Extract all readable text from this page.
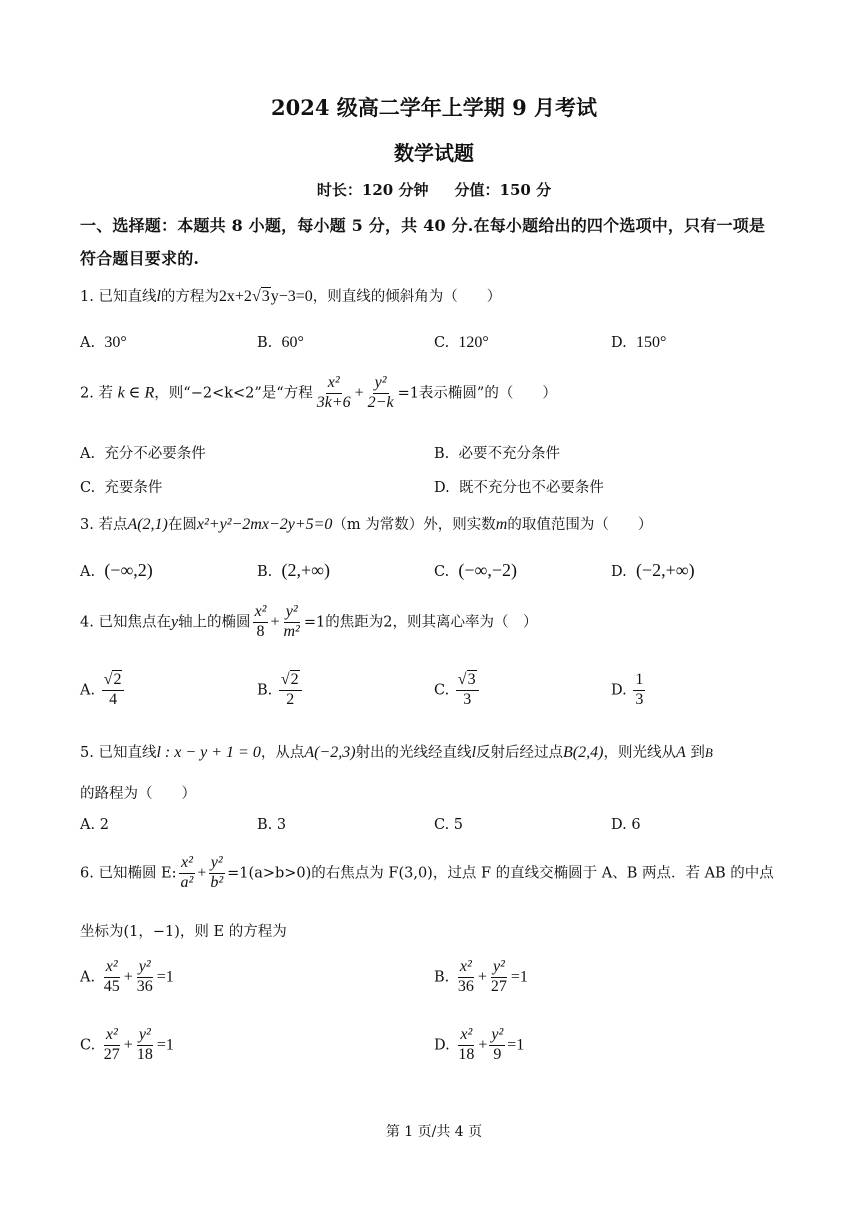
2024 级高二学年上学期 9 月考试
数学试题
时长：120 分钟     分值：150 分
一、选择题：本题共 8 小题，每小题 5 分，共 40 分.在每小题给出的四个选项中，只有一项是
符合题目要求的.
1. 已知直线l的方程为2x+2√3y−3=0，则直线的倾斜角为（　　）
A. 30°	B. 60°	C. 120°	D. 150°
2. 若 k ∈ R，则“−2<k<2”是“方程 $\frac{\text{x²}}{3k+6} + \frac{\text{y²}}{2-k} =1$表示椭圆”的（　　）
A. 充分不必要条件	B. 必要不充分条件
C. 充要条件	D. 既不充分也不必要条件
3. 若点A(2,1)在圆x²+y²−2mx−2y+5=0（m 为常数）外，则实数m的取值范围为（　　）
A. (−∞,2)	B. (2,+∞)	C. (−∞,−2)	D. (−2,+∞)
4. 已知焦点在y轴上的椭圆 $\frac{\text{x²}}{8} + \frac{\text{y²}}{\text{m²}} =1$的焦距为2，则其离心率为（　）
A. $\frac{√2}{4}$	B. $\frac{√2}{2}$	C. $\frac{√3}{3}$	D. $\frac{1}{3}$
5. 已知直线l : x − y + 1 = 0，从点A(−2,3)射出的光线经直线l反射后经过点B(2,4)，则光线从A 到B
的路程为（　　）
A. 2	B. 3	C. 5	D. 6
6. 已知椭圆 E: $\frac{\text{x²}}{\text{a²}} + \frac{\text{y²}}{\text{b²}} =1(a>b>0)$的右焦点为 F(3,0)，过点 F 的直线交椭圆于 A、B 两点．若 AB 的中点
坐标为(1，−1)，则 E 的方程为
A. $\frac{\text{x²}}{45} + \frac{\text{y²}}{36} =1$	B. $\frac{\text{x²}}{36} + \frac{\text{y²}}{27} =1$
C. $\frac{\text{x²}}{27} + \frac{\text{y²}}{18} =1$	D. $\frac{\text{x²}}{18} + \frac{\text{y²}}{9} =1$
第 1 页/共 4 页
